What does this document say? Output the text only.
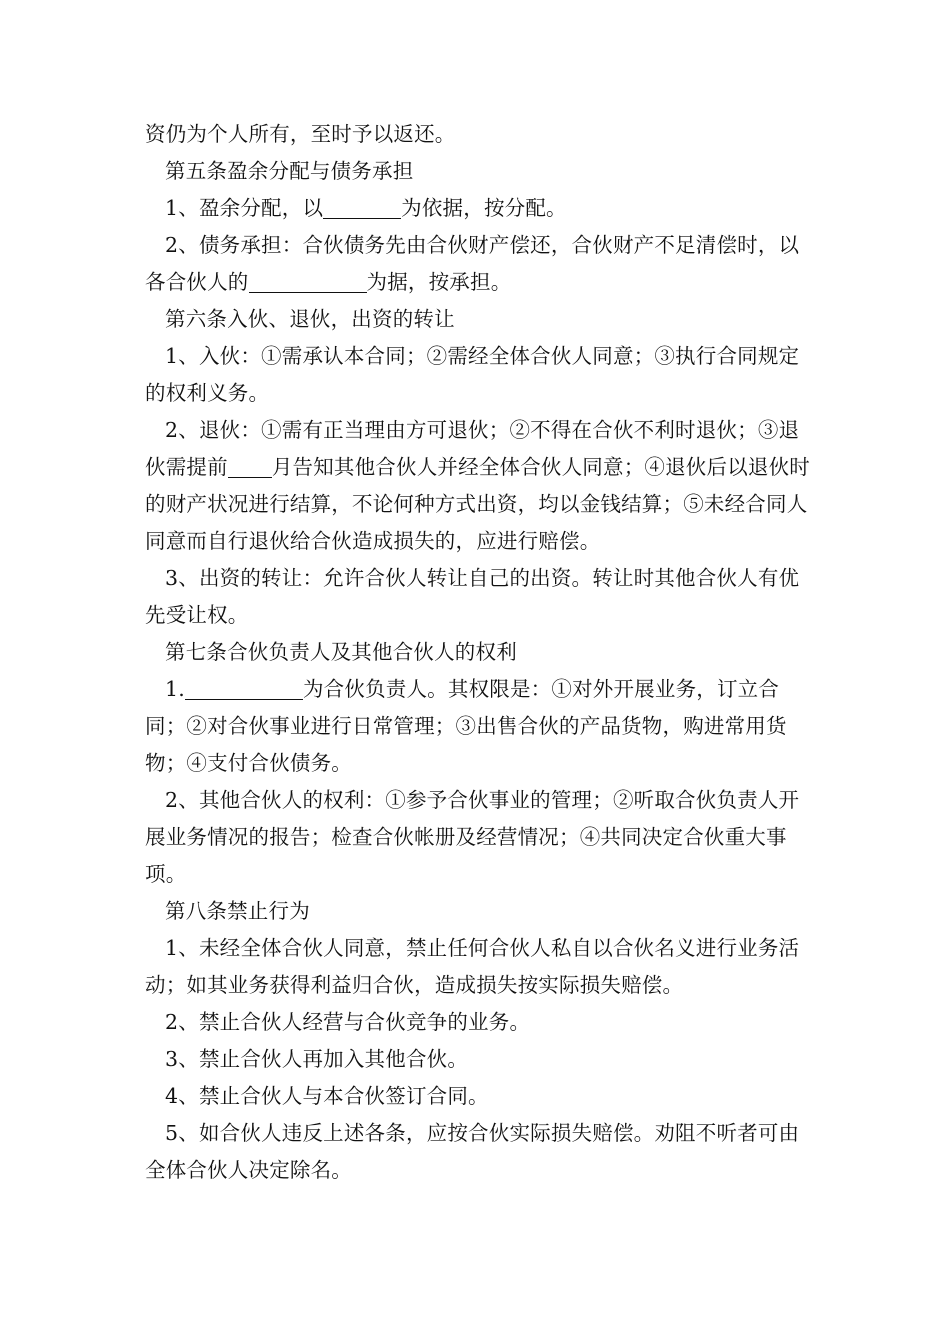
资仍为个人所有，至时予以返还。

第五条盈余分配与债务承担

1、盈余分配，以	为依据，按分配。

2、债务承担：合伙债务先由合伙财产偿还，合伙财产不足清偿时，以各合伙人的	为据，按承担。

第六条入伙、退伙，出资的转让

1、入伙：①需承认本合同；②需经全体合伙人同意；③执行合同规定的权利义务。

2、退伙：①需有正当理由方可退伙；②不得在合伙不利时退伙；③退伙需提前 月告知其他合伙人并经全体合伙人同意；④退伙后以退伙时的财产状况进行结算，不论何种方式出资，均以金钱结算；⑤未经合同人同意而自行退伙给合伙造成损失的，应进行赔偿。

3、出资的转让：允许合伙人转让自己的出资。转让时其他合伙人有优先受让权。

第七条合伙负责人及其他合伙人的权利

1.	为合伙负责人。其权限是：①对外开展业务，订立合同；②对合伙事业进行日常管理；③出售合伙的产品货物，购进常用货物；④支付合伙债务。

2、其他合伙人的权利：①参予合伙事业的管理；②听取合伙负责人开展业务情况的报告；检查合伙帐册及经营情况；④共同决定合伙重大事项。

第八条禁止行为

1、未经全体合伙人同意，禁止任何合伙人私自以合伙名义进行业务活动；如其业务获得利益归合伙，造成损失按实际损失赔偿。

2、禁止合伙人经营与合伙竞争的业务。

3、禁止合伙人再加入其他合伙。

4、禁止合伙人与本合伙签订合同。

5、如合伙人违反上述各条，应按合伙实际损失赔偿。劝阻不听者可由全体合伙人决定除名。
